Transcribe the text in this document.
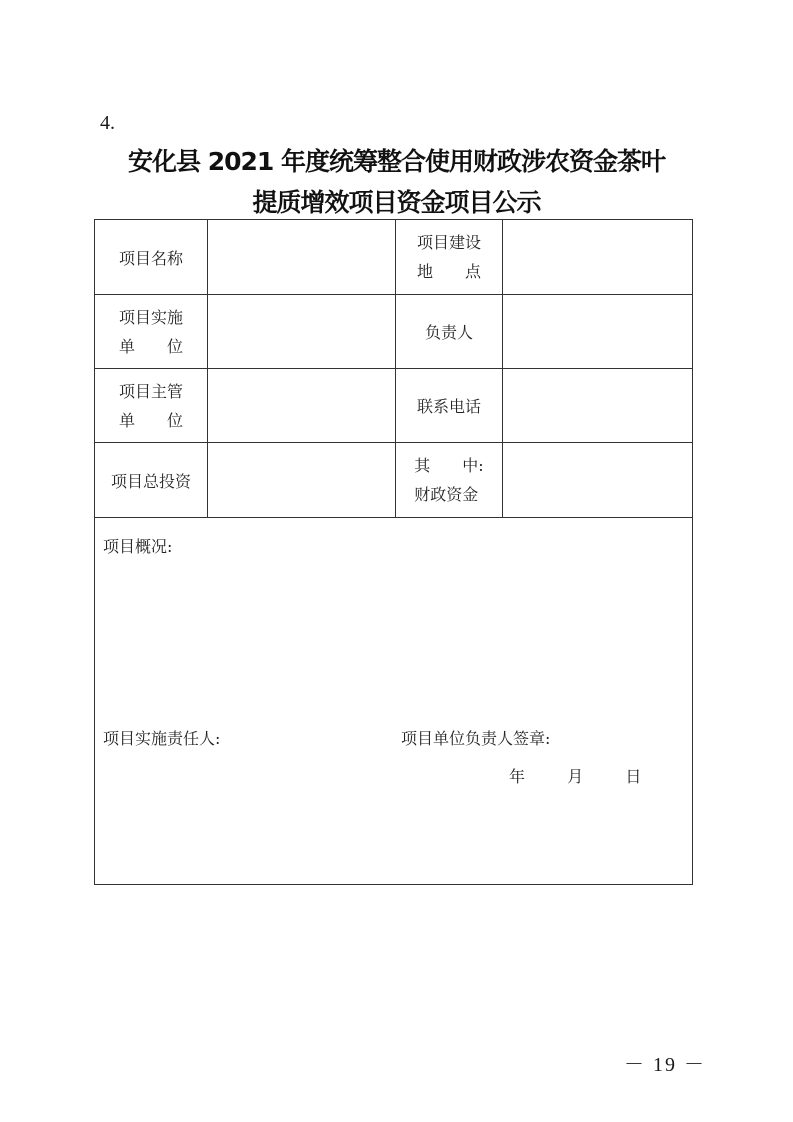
4.
安化县 2021 年度统筹整合使用财政涉农资金茶叶
提质增效项目资金项目公示
项目名称		项目建设
地　　点	
项目实施
单　　位		负责人	
项目主管
单　　位		联系电话	
项目总投资		其　　中:
财政资金	

项目概况:
项目实施责任人: 项目单位负责人签章:
年 月 日			
－ 19 －
